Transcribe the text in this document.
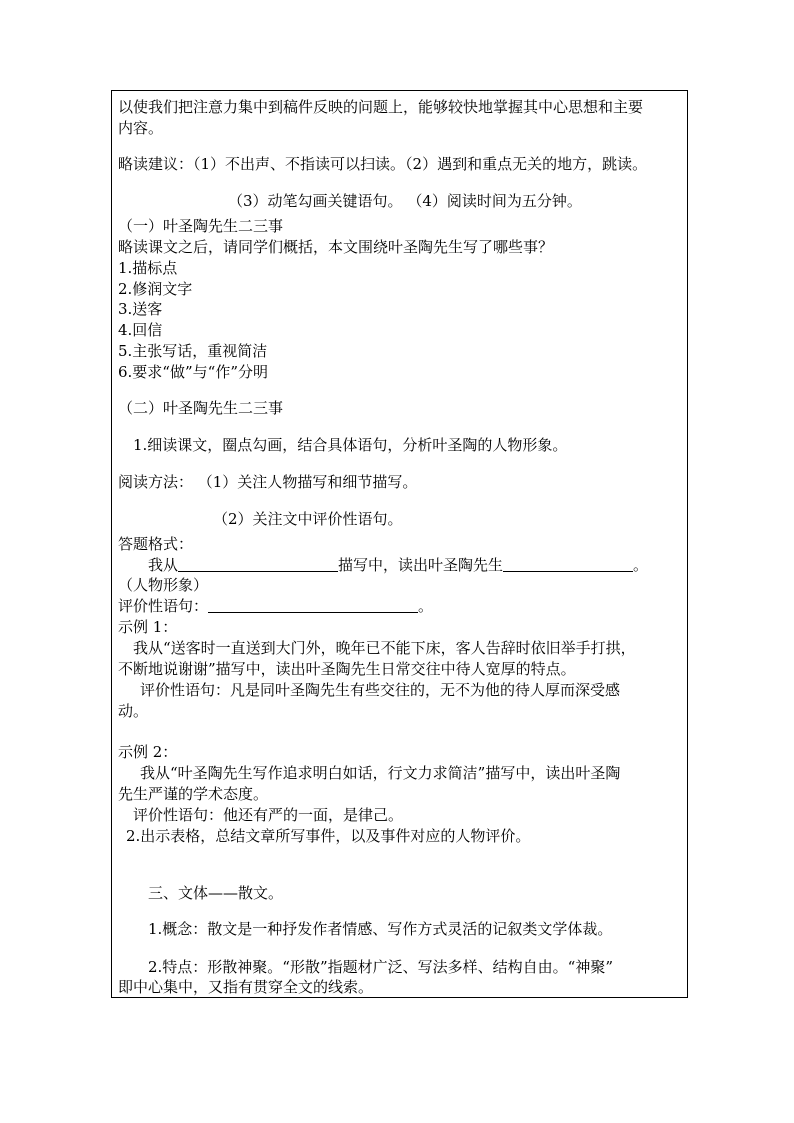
以使我们把注意力集中到稿件反映的问题上，能够较快地掌握其中心思想和主要
内容。
略读建议：（1）不出声、不指读可以扫读。（2）遇到和重点无关的地方，跳读。
（3）动笔勾画关键语句。 （4）阅读时间为五分钟。
（一）叶圣陶先生二三事
略读课文之后，请同学们概括，本文围绕叶圣陶先生写了哪些事？
1.描标点
2.修润文字
3.送客
4.回信
5.主张写话，重视简洁
6.要求“做”与“作”分明
（二）叶圣陶先生二三事
1.细读课文，圈点勾画，结合具体语句，分析叶圣陶的人物形象。
阅读方法： （1）关注人物描写和细节描写。
（2）关注文中评价性语句。
答题格式：
我从	描写中，读出叶圣陶先生	。
（人物形象）
评价性语句：	。
示例 1：
我从“送客时一直送到大门外，晚年已不能下床，客人告辞时依旧举手打拱，
不断地说谢谢”描写中，读出叶圣陶先生日常交往中待人宽厚的特点。
评价性语句：凡是同叶圣陶先生有些交往的，无不为他的待人厚而深受感
动。
示例 2：
我从“叶圣陶先生写作追求明白如话，行文力求简洁”描写中，读出叶圣陶
先生严谨的学术态度。
评价性语句：他还有严的一面，是律己。
2.出示表格，总结文章所写事件，以及事件对应的人物评价。
三、文体——散文。
1.概念：散文是一种抒发作者情感、写作方式灵活的记叙类文学体裁。
2.特点：形散神聚。“形散”指题材广泛、写法多样、结构自由。“神聚”
即中心集中，又指有贯穿全文的线索。
